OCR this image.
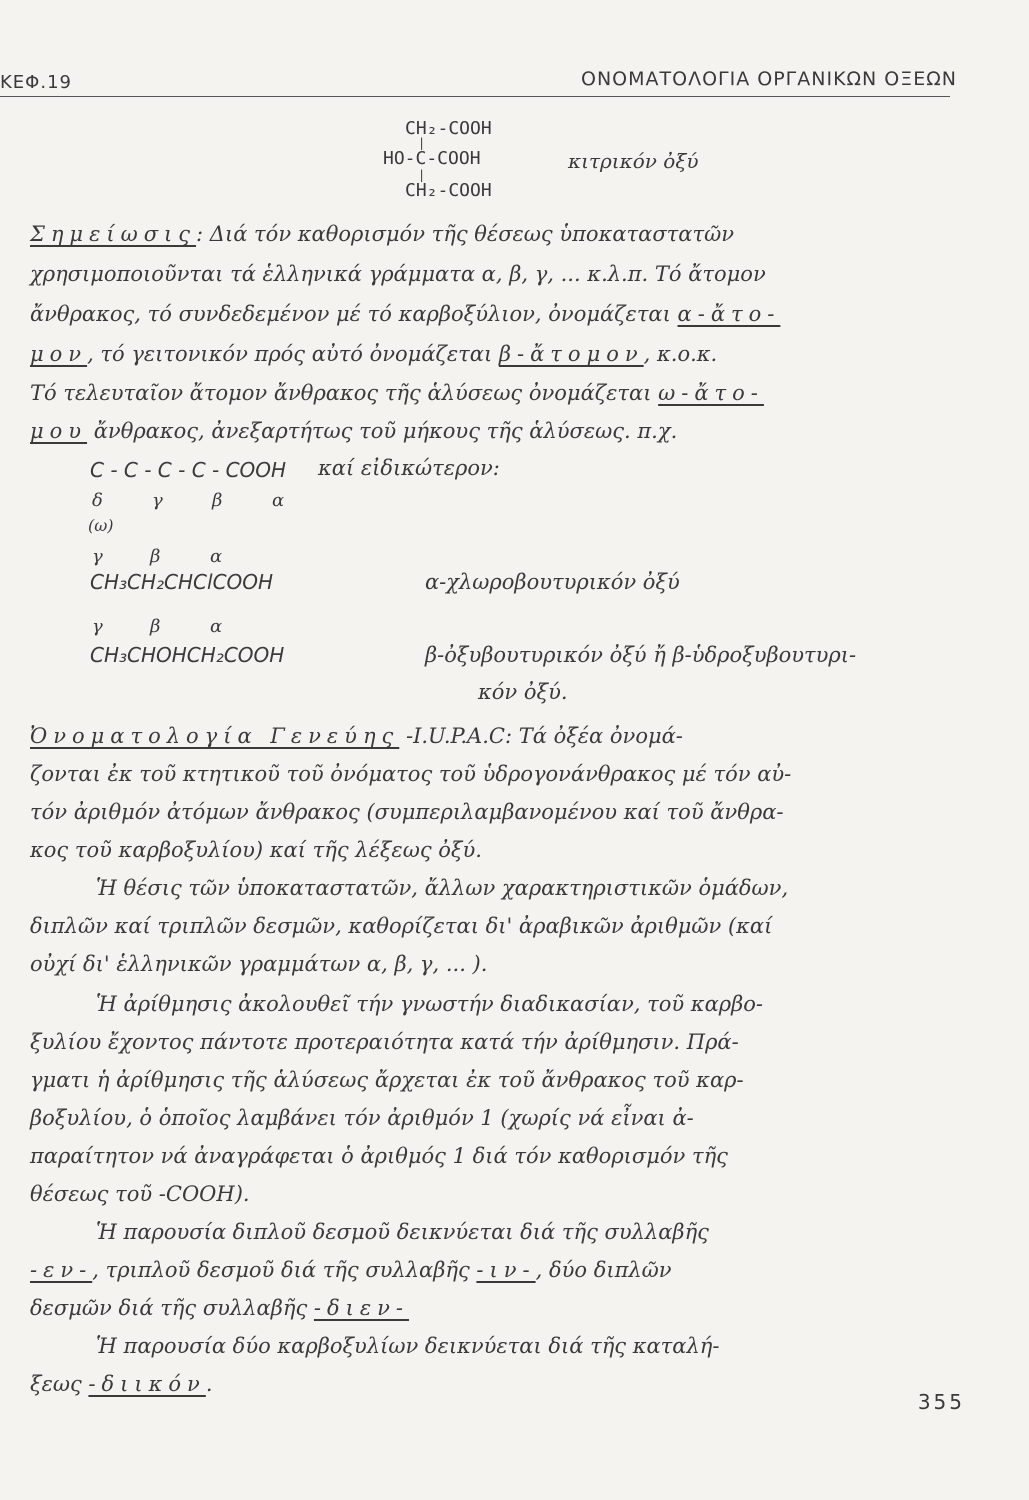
ΚΕΦ.19	ΟΝΟΜΑΤΟΛΟΓΙΑ ΟΡΓΑΝΙΚΩΝ ΟΞΕΩΝ
CH₂-COOH
|
HO-C-COOH
|
CH₂-COOH
κιτρικόν ὀξύ
Σημείωσις: Διά τόν καθορισμόν τῆς θέσεως ὑποκαταστατῶν
χρησιμοποιοῦνται τά ἑλληνικά γράμματα α, β, γ, ... κ.λ.π. Τό ἄτομον
ἄνθρακος, τό συνδεδεμένον μέ τό καρβοξύλιον, ὀνομάζεται α-ἄτο-
μον, τό γειτονικόν πρός αὐτό ὀνομάζεται β-ἄτομον, κ.ο.κ.
Τό τελευταῖον ἄτομον ἄνθρακος τῆς ἁλύσεως ὀνομάζεται ω-ἄτο-
μου ἄνθρακος, ἀνεξαρτήτως τοῦ μήκους τῆς ἁλύσεως. π.χ.
C - C - C - C - COOH καί εἰδικώτερον:
δ	γ	β	α
(ω)
γ	β	α
CH₃CH₂CHClCOOH	α-χλωροβουτυρικόν ὀξύ
γ	β	α
CH₃CHOHCH₂COOH	β-ὀξυβουτυρικόν ὀξύ ἤ β-ὑδροξυβουτυρι-
κόν ὀξύ.
Ὀνοματολογία Γενεύης -I.U.P.A.C: Τά ὀξέα ὀνομά-
ζονται ἐκ τοῦ κτητικοῦ τοῦ ὀνόματος τοῦ ὑδρογονάνθρακος μέ τόν αὐ-
τόν ἀριθμόν ἀτόμων ἄνθρακος (συμπεριλαμβανομένου καί τοῦ ἄνθρα-
κος τοῦ καρβοξυλίου) καί τῆς λέξεως ὀξύ.
Ἡ θέσις τῶν ὑποκαταστατῶν, ἄλλων χαρακτηριστικῶν ὁμάδων,
διπλῶν καί τριπλῶν δεσμῶν, καθορίζεται δι' ἀραβικῶν ἀριθμῶν (καί
οὐχί δι' ἑλληνικῶν γραμμάτων α, β, γ, ... ).
Ἡ ἀρίθμησις ἀκολουθεῖ τήν γνωστήν διαδικασίαν, τοῦ καρβο-
ξυλίου ἔχοντος πάντοτε προτεραιότητα κατά τήν ἀρίθμησιν. Πρά-
γματι ἡ ἀρίθμησις τῆς ἁλύσεως ἄρχεται ἐκ τοῦ ἄνθρακος τοῦ καρ-
βοξυλίου, ὁ ὁποῖος λαμβάνει τόν ἀριθμόν 1 (χωρίς νά εἶναι ἀ-
παραίτητον νά ἀναγράφεται ὁ ἀριθμός 1 διά τόν καθορισμόν τῆς
θέσεως τοῦ -COOH).
Ἡ παρουσία διπλοῦ δεσμοῦ δεικνύεται διά τῆς συλλαβῆς
-εν-, τριπλοῦ δεσμοῦ διά τῆς συλλαβῆς -ιν-, δύο διπλῶν
δεσμῶν διά τῆς συλλαβῆς -διεν-
Ἡ παρουσία δύο καρβοξυλίων δεικνύεται διά τῆς καταλή-
ξεως -διικόν.
355
